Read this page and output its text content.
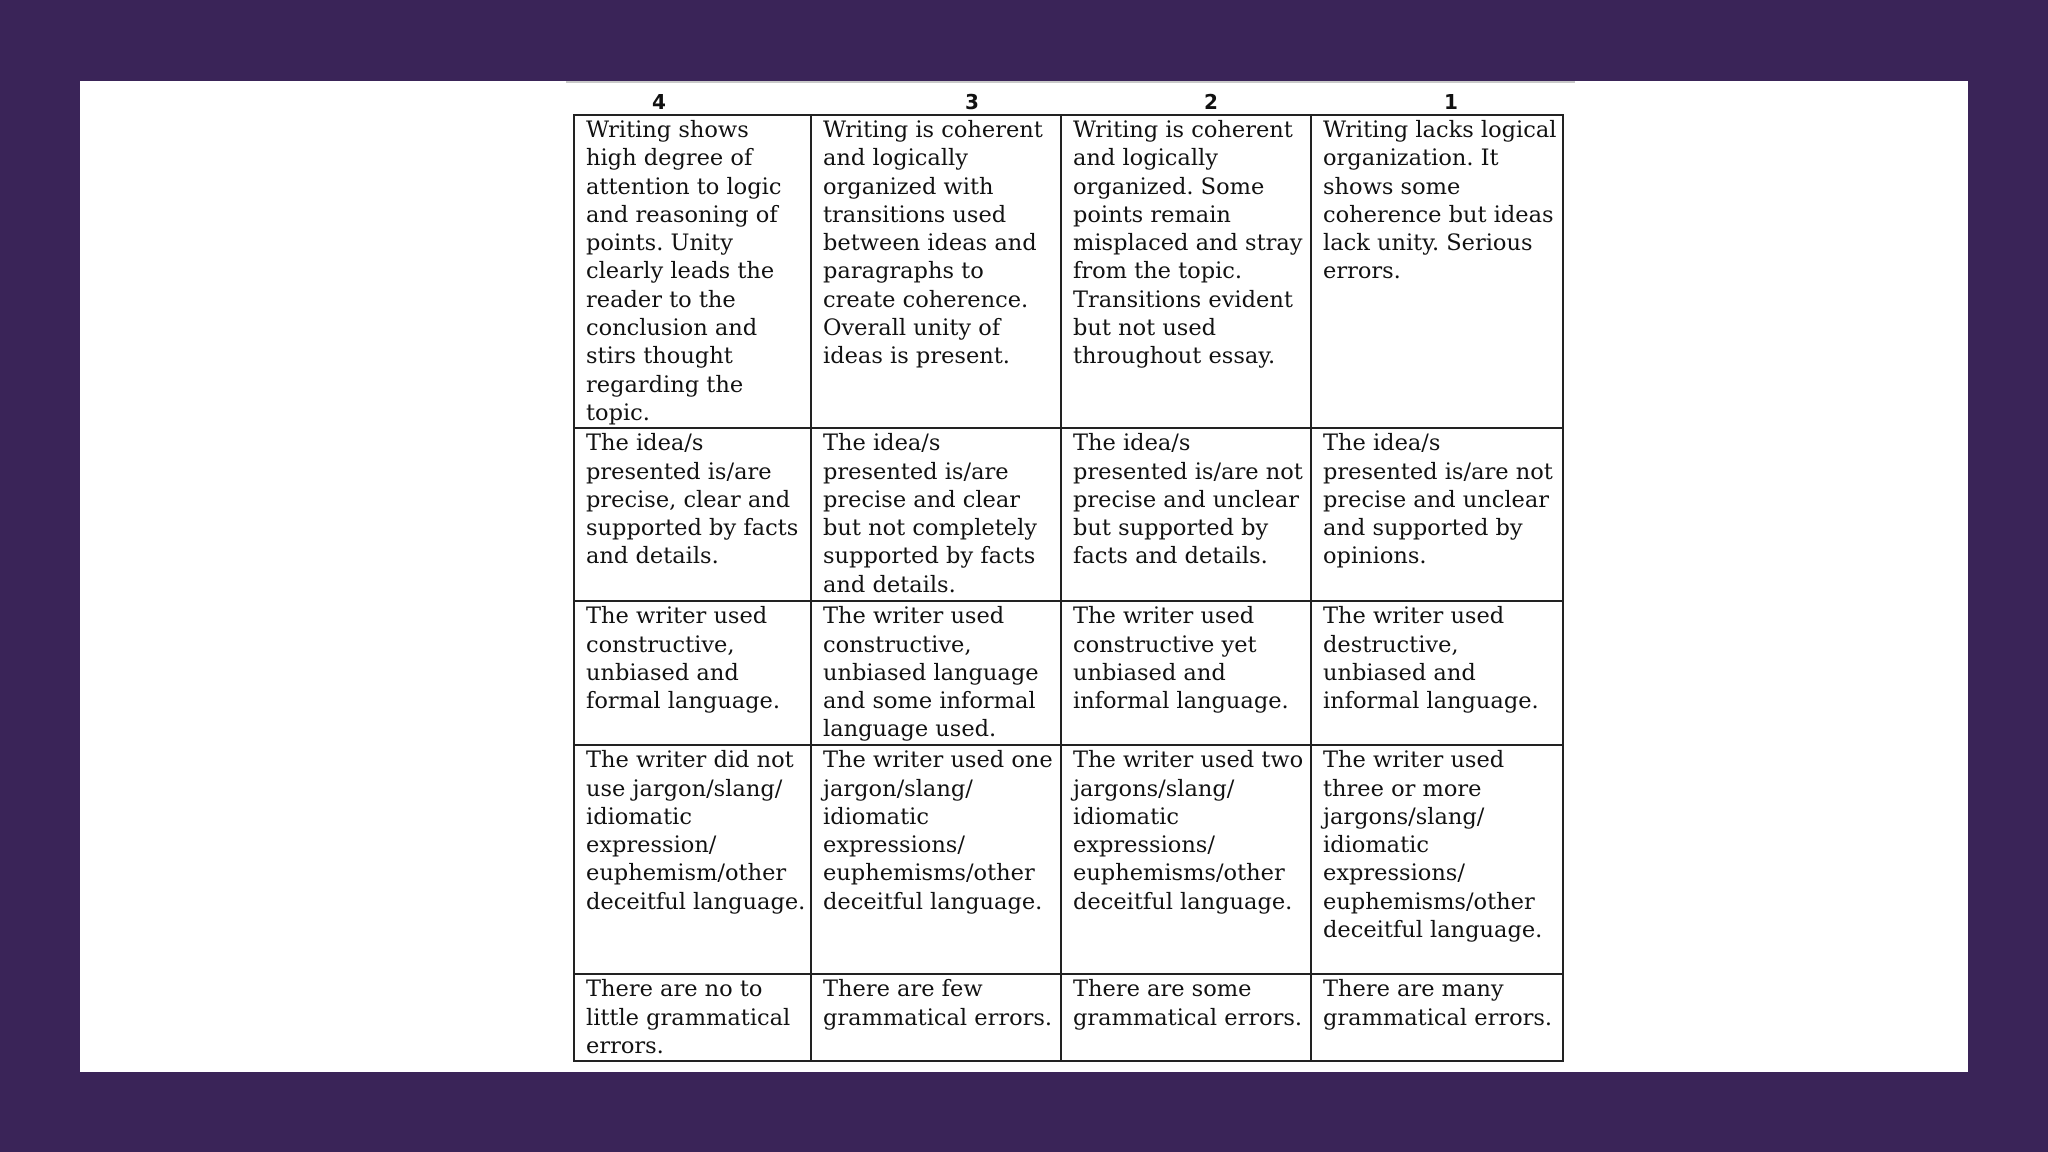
4	3	2	1
Writing shows high degree of attention to logic and reasoning of points. Unity clearly leads the reader to the conclusion and stirs thought regarding the topic.	Writing is coherent and logically organized with transitions used between ideas and paragraphs to create coherence. Overall unity of ideas is present.	Writing is coherent and logically organized. Some points remain misplaced and stray from the topic. Transitions evident but not used throughout essay.	Writing lacks logical organization. It shows some coherence but ideas lack unity. Serious errors.
The idea/s presented is/are precise, clear and supported by facts and details.	The idea/s presented is/are precise and clear but not completely supported by facts and details.	The idea/s presented is/are not precise and unclear but supported by facts and details.	The idea/s presented is/are not precise and unclear and supported by opinions.
The writer used constructive, unbiased and formal language.	The writer used constructive, unbiased language and some informal language used.	The writer used constructive yet unbiased and informal language.	The writer used destructive, unbiased and informal language.
The writer did not use jargon/slang/ idiomatic expression/ euphemism/other deceitful language.	The writer used one jargon/slang/ idiomatic expressions/ euphemisms/other deceitful language.	The writer used two jargons/slang/ idiomatic expressions/ euphemisms/other deceitful language.	The writer used three or more jargons/slang/ idiomatic expressions/ euphemisms/other deceitful language.
There are no to little grammatical errors.	There are few grammatical errors.	There are some grammatical errors.	There are many grammatical errors.
